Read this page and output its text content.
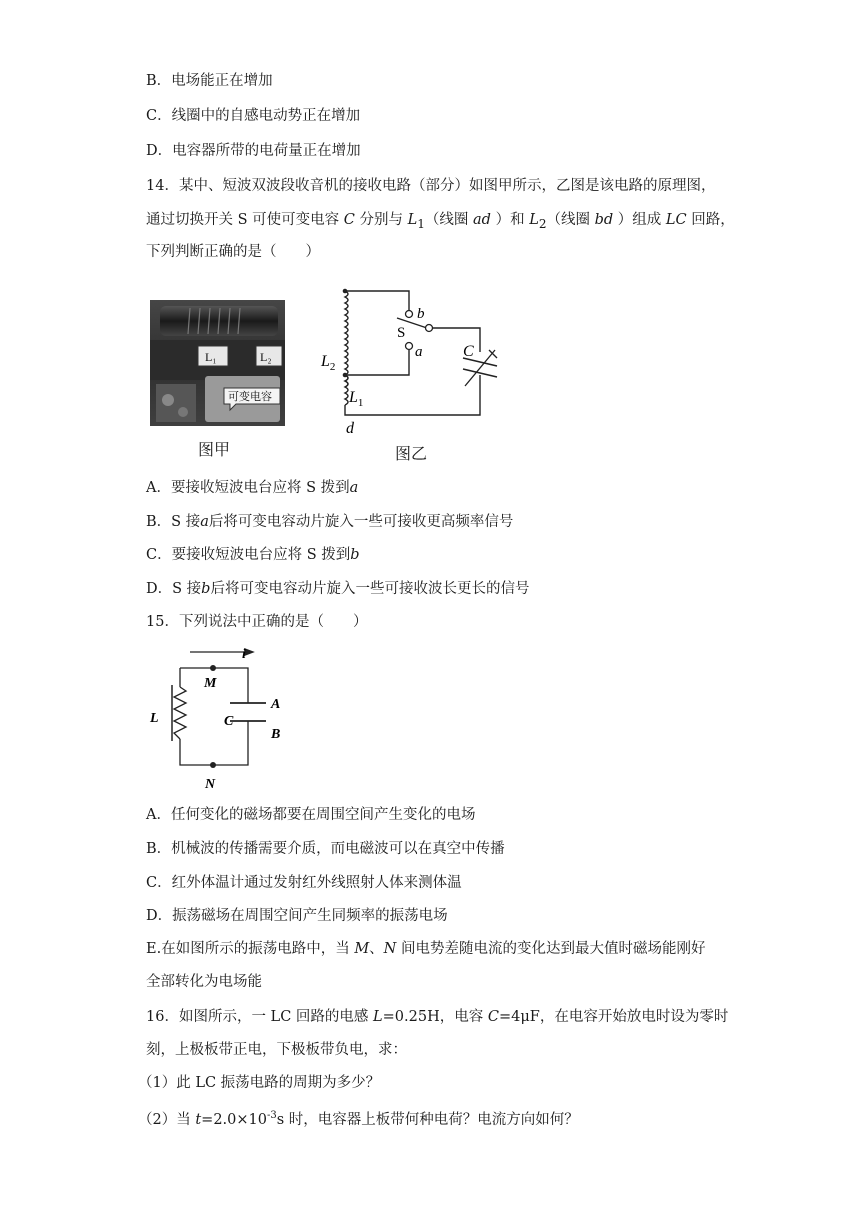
B．电场能正在增加
C．线圈中的自感电动势正在增加
D．电容器所带的电荷量正在增加
14．某中、短波双波段收音机的接收电路（部分）如图甲所示，乙图是该电路的原理图，
通过切换开关 S 可使可变电容 C 分别与 $L_1$（线圈 ad ）和 $L_2$（线圈 bd ）组成 LC 回路，
下列判断正确的是（　　）
L₁	L₂
可变电容
图甲
b
S
a	C
$L_2$
$L_1$
d
图乙
A．要接收短波电台应将 S 拨到a
B．S 接a后将可变电容动片旋入一些可接收更高频率信号
C．要接收短波电台应将 S 拨到b
D．S 接b后将可变电容动片旋入一些可接收波长更长的信号
15．下列说法中正确的是（　　）
i
M
L	C
A
B
N
A．任何变化的磁场都要在周围空间产生变化的电场
B．机械波的传播需要介质，而电磁波可以在真空中传播
C．红外体温计通过发射红外线照射人体来测体温
D．振荡磁场在周围空间产生同频率的振荡电场
E.在如图所示的振荡电路中，当 M、N 间电势差随电流的变化达到最大值时磁场能刚好
全部转化为电场能
16．如图所示，一 LC 回路的电感 L=0.25H，电容 C=4μF，在电容开始放电时设为零时
刻，上极板带正电，下极板带负电，求：
（1）此 LC 振荡电路的周期为多少？
（2）当 $t=2.0\times 10^{-3}s$ 时，电容器上板带何种电荷？电流方向如何？
